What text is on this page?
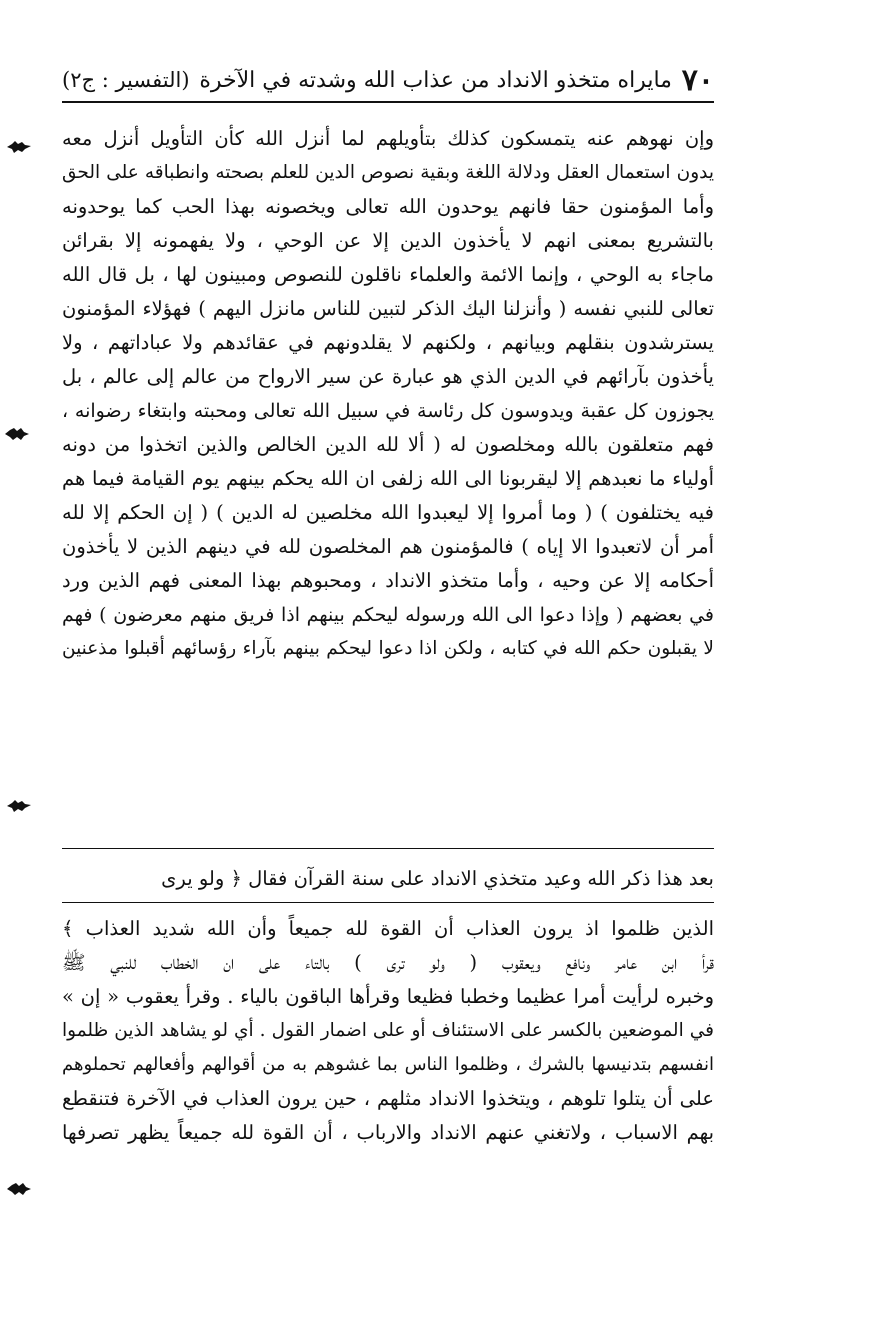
٧٠
مايراه متخذو الانداد من عذاب الله وشدته في الآخرة
(التفسير : ج٢)
وإن نهوهم عنه يتمسكون كذلك بتأويلهم لما أنزل الله كأن التأويل أنزل معه
يدون استعمال العقل ودلالة اللغة وبقية نصوص الدين للعلم بصحته وانطباقه على الحق
وأما المؤمنون حقا فانهم يوحدون الله تعالى ويخصونه بهذا الحب كما يوحدونه
بالتشريع بمعنى انهم لا يأخذون الدين إلا عن الوحي ، ولا يفهمونه إلا بقرائن
ماجاء به الوحي ، وإنما الائمة والعلماء ناقلون للنصوص ومبينون لها ، بل قال الله
تعالى للنبي نفسه ( وأنزلنا اليك الذكر لتبين للناس مانزل اليهم ) فهؤلاء المؤمنون
يسترشدون بنقلهم وبيانهم ، ولكنهم لا يقلدونهم في عقائدهم ولا عباداتهم ، ولا
يأخذون بآرائهم في الدين الذي هو عبارة عن سير الارواح من عالم إلى عالم ، بل
يجوزون كل عقبة ويدوسون كل رئاسة في سبيل الله تعالى ومحبته وابتغاء رضوانه ،
فهم متعلقون بالله ومخلصون له ( ألا لله الدين الخالص والذين اتخذوا من دونه
أولياء ما نعبدهم إلا ليقربونا الى الله زلفى ان الله يحكم بينهم يوم القيامة فيما هم
فيه يختلفون ) ( وما أمروا إلا ليعبدوا الله مخلصين له الدين ) ( إن الحكم إلا لله
أمر أن لاتعبدوا الا إياه ) فالمؤمنون هم المخلصون لله في دينهم الذين لا يأخذون
أحكامه إلا عن وحيه ، وأما متخذو الانداد ، ومحبوهم بهذا المعنى فهم الذين ورد
في بعضهم ( وإذا دعوا الى الله ورسوله ليحكم بينهم اذا فريق منهم معرضون ) فهم
لا يقبلون حكم الله في كتابه ، ولكن اذا دعوا ليحكم بينهم بآراء رؤسائهم أقبلوا مذعنين
بعد هذا ذكر الله وعيد متخذي الانداد على سنة القرآن فقال ﴿ ولو يرى
الذين ظلموا اذ يرون العذاب أن القوة لله جميعاً وأن الله شديد العذاب ﴾
قرأ ابن عامر ونافع ويعقوب ( ولو ترى ) بالتاء على ان الخطاب للنبي ﷺ
وخبره لرأيت أمرا عظيما وخطبا فظيعا وقرأها الباقون بالياء . وقرأ يعقوب « إن »
في الموضعين بالكسر على الاستئناف أو على اضمار القول . أي لو يشاهد الذين ظلموا
انفسهم بتدنيسها بالشرك ، وظلموا الناس بما غشوهم به من أقوالهم وأفعالهم تحملوهم
على أن يتلوا تلوهم ، ويتخذوا الانداد مثلهم ، حين يرون العذاب في الآخرة فتنقطع
بهم الاسباب ، ولاتغني عنهم الانداد والارباب ، أن القوة لله جميعاً يظهر تصرفها
